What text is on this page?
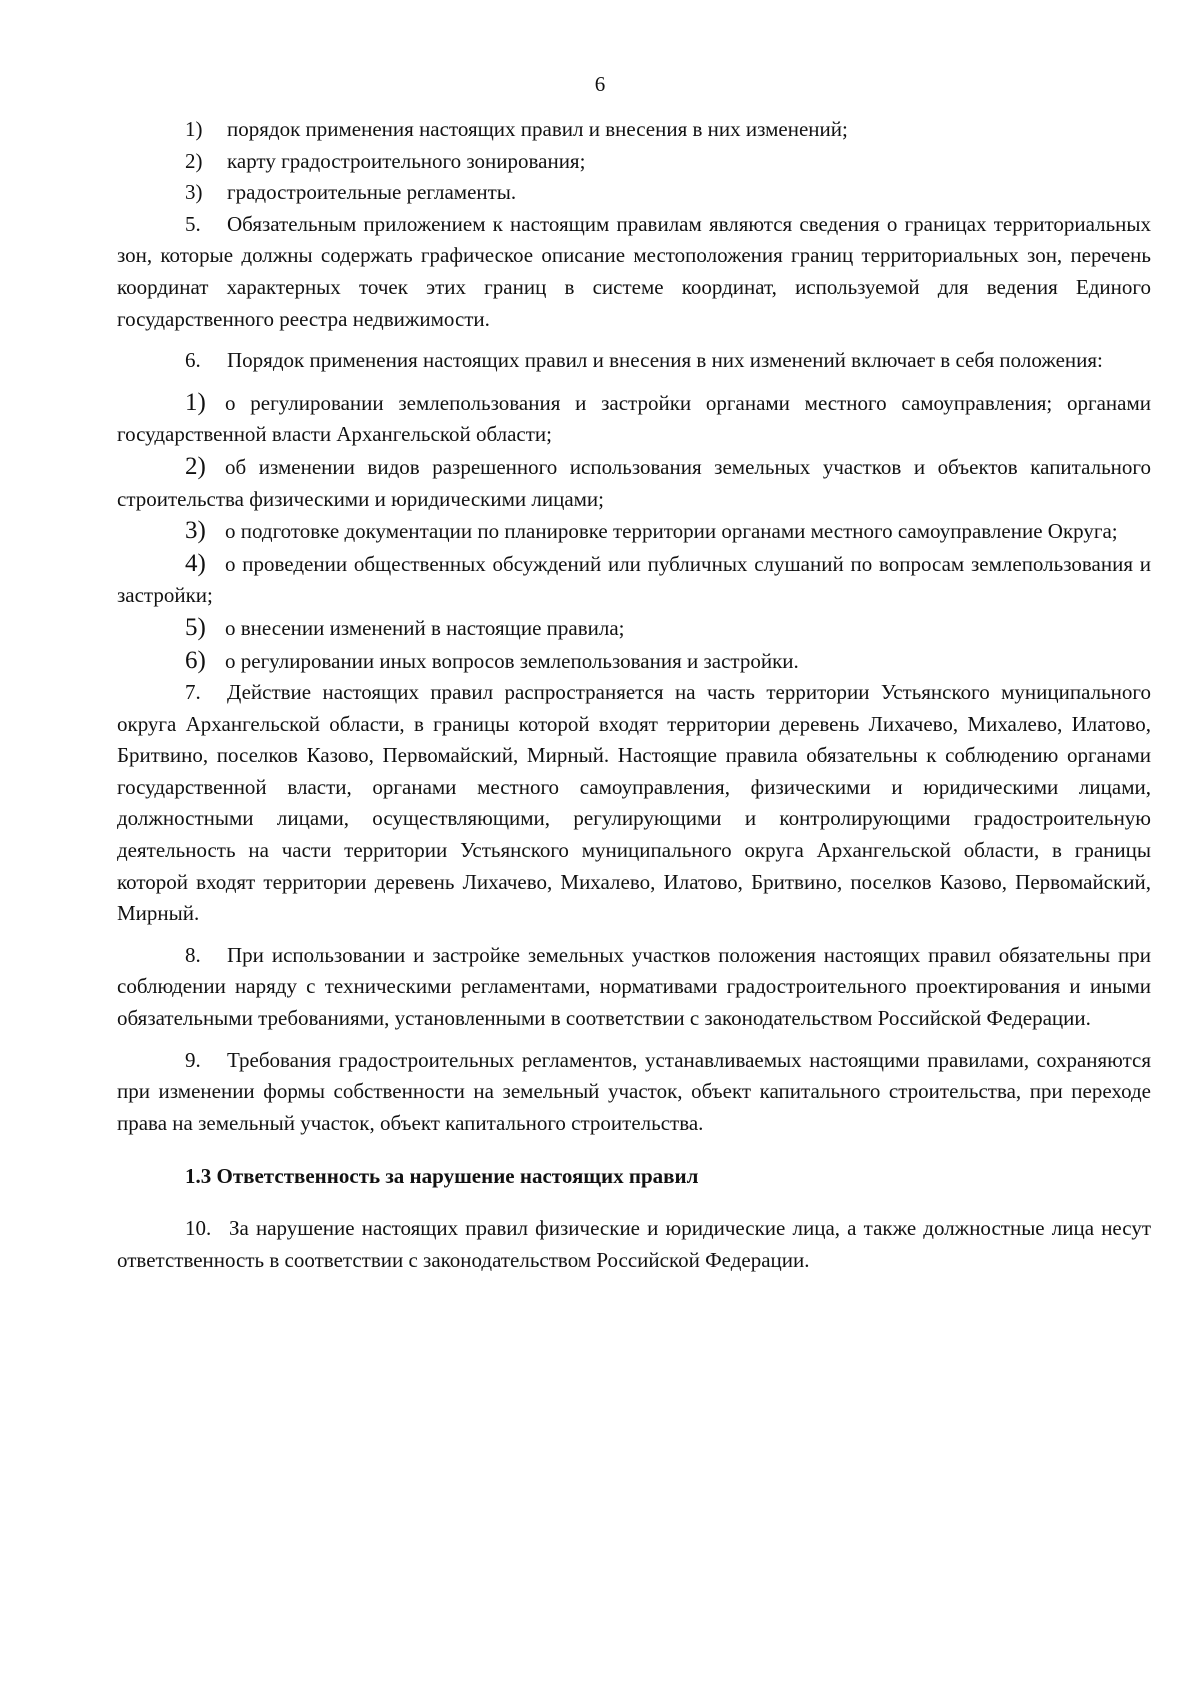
6

1) порядок применения настоящих правил и внесения в них изменений;

2) карту градостроительного зонирования;

3) градостроительные регламенты.

5. Обязательным приложением к настоящим правилам являются сведения о границах территориальных зон, которые должны содержать графическое описание местоположения границ территориальных зон, перечень координат характерных точек этих границ в системе координат, используемой для ведения Единого государственного реестра недвижимости.

6. Порядок применения настоящих правил и внесения в них изменений включает в себя положения:

1) о регулировании землепользования и застройки органами местного самоуправления; органами государственной власти Архангельской области;

2) об изменении видов разрешенного использования земельных участков и объектов капитального строительства физическими и юридическими лицами;

3) о подготовке документации по планировке территории органами местного самоуправление Округа;

4) о проведении общественных обсуждений или публичных слушаний по вопросам землепользования и застройки;

5) о внесении изменений в настоящие правила;

6) о регулировании иных вопросов землепользования и застройки.

7. Действие настоящих правил распространяется на часть территории Устьянского муниципального округа Архангельской области, в границы которой входят территории деревень Лихачево, Михалево, Илатово, Бритвино, поселков Казово, Первомайский, Мирный. Настоящие правила обязательны к соблюдению органами государственной власти, органами местного самоуправления, физическими и юридическими лицами, должностными лицами, осуществляющими, регулирующими и контролирующими градостроительную деятельность на части территории Устьянского муниципального округа Архангельской области, в границы которой входят территории деревень Лихачево, Михалево, Илатово, Бритвино, поселков Казово, Первомайский, Мирный.

8. При использовании и застройке земельных участков положения настоящих правил обязательны при соблюдении наряду с техническими регламентами, нормативами градостроительного проектирования и иными обязательными требованиями, установленными в соответствии с законодательством Российской Федерации.

9. Требования градостроительных регламентов, устанавливаемых настоящими правилами, сохраняются при изменении формы собственности на земельный участок, объект капитального строительства, при переходе права на земельный участок, объект капитального строительства.

1.3 Ответственность за нарушение настоящих правил

10. За нарушение настоящих правил физические и юридические лица, а также должностные лица несут ответственность в соответствии с законодательством Российской Федерации.
